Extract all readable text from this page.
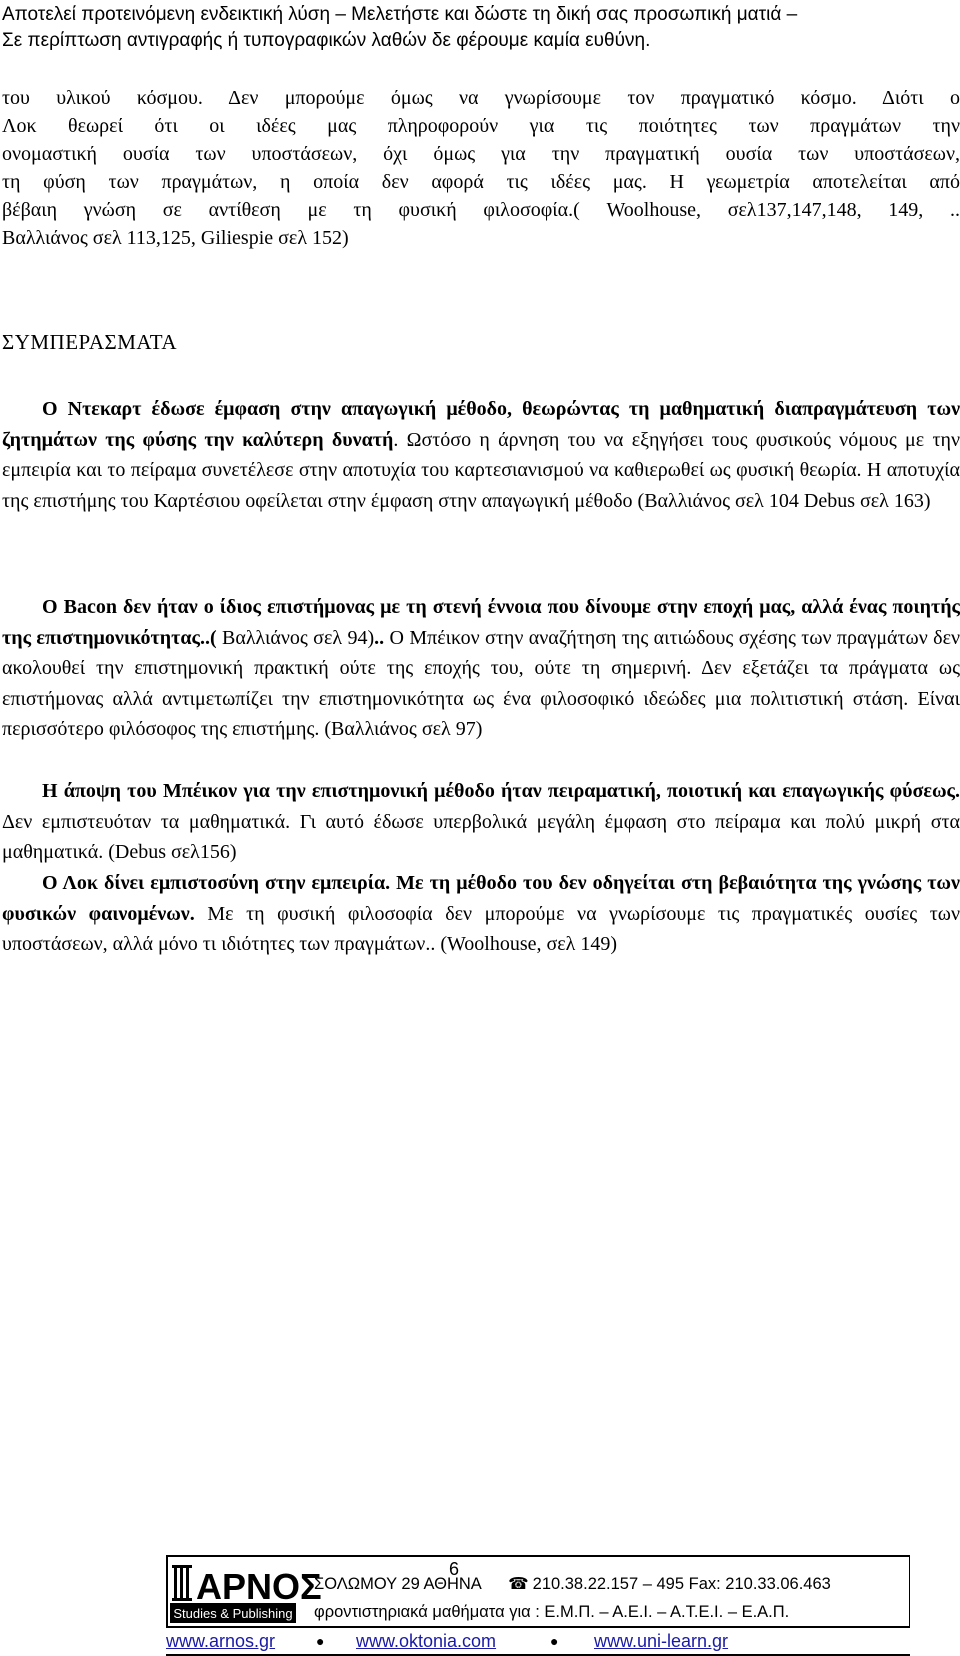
Αποτελεί προτεινόμενη ενδεικτική λύση – Μελετήστε και δώστε τη δική σας προσωπική ματιά –
Σε περίπτωση αντιγραφής ή τυπογραφικών λαθών δε φέρουμε καμία ευθύνη.
του υλικού κόσμου. Δεν μπορούμε όμως να γνωρίσουμε τον πραγματικό κόσμο. Διότι ο
Λοκ θεωρεί ότι οι ιδέες μας πληροφορούν για τις ποιότητες των πραγμάτων την
ονομαστική ουσία των υποστάσεων, όχι όμως για την πραγματική ουσία των υποστάσεων,
τη φύση των πραγμάτων, η οποία δεν αφορά τις ιδέες μας. Η γεωμετρία αποτελείται από
βέβαιη γνώση σε αντίθεση με τη φυσική φιλοσοφία.( Woolhouse, σελ137,147,148, 149, ..
Βαλλιάνος σελ 113,125, Giliespie σελ 152)
ΣΥΜΠΕΡΑΣΜΑΤΑ

Ο Ντεκαρτ έδωσε έμφαση στην απαγωγική μέθοδο, θεωρώντας τη μαθηματική διαπραγμάτευση των ζητημάτων της φύσης την καλύτερη δυνατή. Ωστόσο η άρνηση του να εξηγήσει τους φυσικούς νόμους με την εμπειρία και το πείραμα συνετέλεσε στην αποτυχία του καρτεσιανισμού να καθιερωθεί ως φυσική θεωρία. Η αποτυχία της επιστήμης του Καρτέσιου οφείλεται στην έμφαση στην απαγωγική μέθοδο (Βαλλιάνος σελ 104 Debus σελ 163)

Ο Bacon δεν ήταν ο ίδιος επιστήμονας με τη στενή έννοια που δίνουμε στην εποχή μας, αλλά ένας ποιητής της επιστημονικότητας..( Βαλλιάνος σελ 94).. Ο Μπέικον στην αναζήτηση της αιτιώδους σχέσης των πραγμάτων δεν ακολουθεί την επιστημονική πρακτική ούτε της εποχής του, ούτε τη σημερινή. Δεν εξετάζει τα πράγματα ως επιστήμονας αλλά αντιμετωπίζει την επιστημονικότητα ως ένα φιλοσοφικό ιδεώδες μια πολιτιστική στάση. Είναι περισσότερο φιλόσοφος της επιστήμης. (Βαλλιάνος σελ 97)

Η άποψη του Μπέικον για την επιστημονική μέθοδο ήταν πειραματική, ποιοτική και επαγωγικής φύσεως. Δεν εμπιστευόταν τα μαθηματικά. Γι αυτό έδωσε υπερβολικά μεγάλη έμφαση στο πείραμα και πολύ μικρή στα μαθηματικά. (Debus σελ156)

Ο Λοκ δίνει εμπιστοσύνη στην εμπειρία. Με τη μέθοδο του δεν οδηγείται στη βεβαιότητα της γνώσης των φυσικών φαινομένων. Με τη φυσική φιλοσοφία δεν μπορούμε να γνωρίσουμε τις πραγματικές ουσίες των υποστάσεων, αλλά μόνο τι ιδιότητες των πραγμάτων.. (Woolhouse, σελ 149)

ΑΡΝΟΣ
Studies & Publishing
6
ΣΟΛΩΜΟΥ 29 ΑΘΗΝΑ ☎ 210.38.22.157 – 495 Fax: 210.33.06.463
φροντιστηριακά μαθήματα για : Ε.Μ.Π. – Α.Ε.Ι. – Α.Τ.Ε.Ι. – Ε.Α.Π.
www.arnos.gr	● www.oktonia.com	● www.uni-learn.gr
